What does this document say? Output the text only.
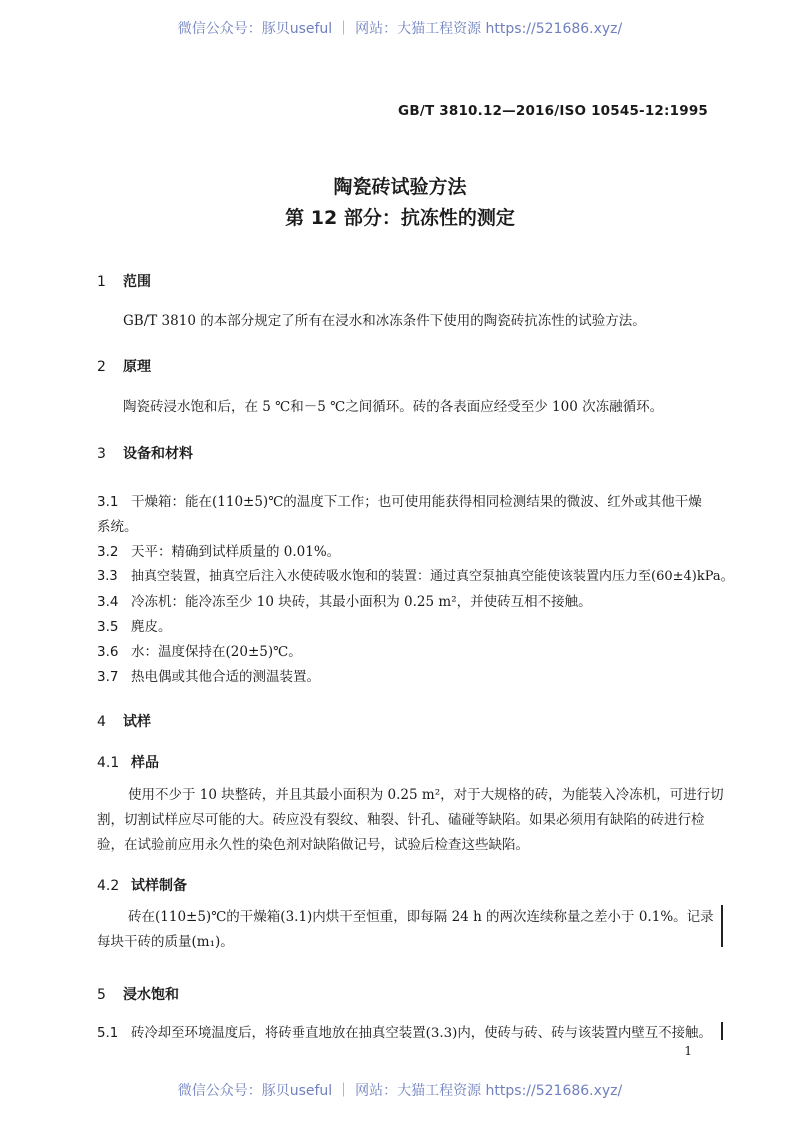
微信公众号：豚贝useful ｜ 网站：大猫工程资源 https://521686.xyz/
GB/T 3810.12—2016/ISO 10545-12:1995
陶瓷砖试验方法
第 12 部分：抗冻性的测定
1 范围
GB/T 3810 的本部分规定了所有在浸水和冰冻条件下使用的陶瓷砖抗冻性的试验方法。
2 原理
陶瓷砖浸水饱和后，在 5 ℃和－5 ℃之间循环。砖的各表面应经受至少 100 次冻融循环。
3 设备和材料
3.1 干燥箱：能在(110±5)℃的温度下工作；也可使用能获得相同检测结果的微波、红外或其他干燥
系统。
3.2 天平：精确到试样质量的 0.01%。
3.3 抽真空装置，抽真空后注入水使砖吸水饱和的装置：通过真空泵抽真空能使该装置内压力至(60±4)kPa。
3.4 冷冻机：能冷冻至少 10 块砖，其最小面积为 0.25 m²，并使砖互相不接触。
3.5 麂皮。
3.6 水：温度保持在(20±5)℃。
3.7 热电偶或其他合适的测温装置。
4 试样
4.1 样品
使用不少于 10 块整砖，并且其最小面积为 0.25 m²，对于大规格的砖，为能装入冷冻机，可进行切
割，切割试样应尽可能的大。砖应没有裂纹、釉裂、针孔、磕碰等缺陷。如果必须用有缺陷的砖进行检
验，在试验前应用永久性的染色剂对缺陷做记号，试验后检查这些缺陷。
4.2 试样制备
砖在(110±5)℃的干燥箱(3.1)内烘干至恒重，即每隔 24 h 的两次连续称量之差小于 0.1%。记录
每块干砖的质量(m₁)。
5 浸水饱和
5.1 砖冷却至环境温度后，将砖垂直地放在抽真空装置(3.3)内，使砖与砖、砖与该装置内壁互不接触。
1
微信公众号：豚贝useful ｜ 网站：大猫工程资源 https://521686.xyz/
